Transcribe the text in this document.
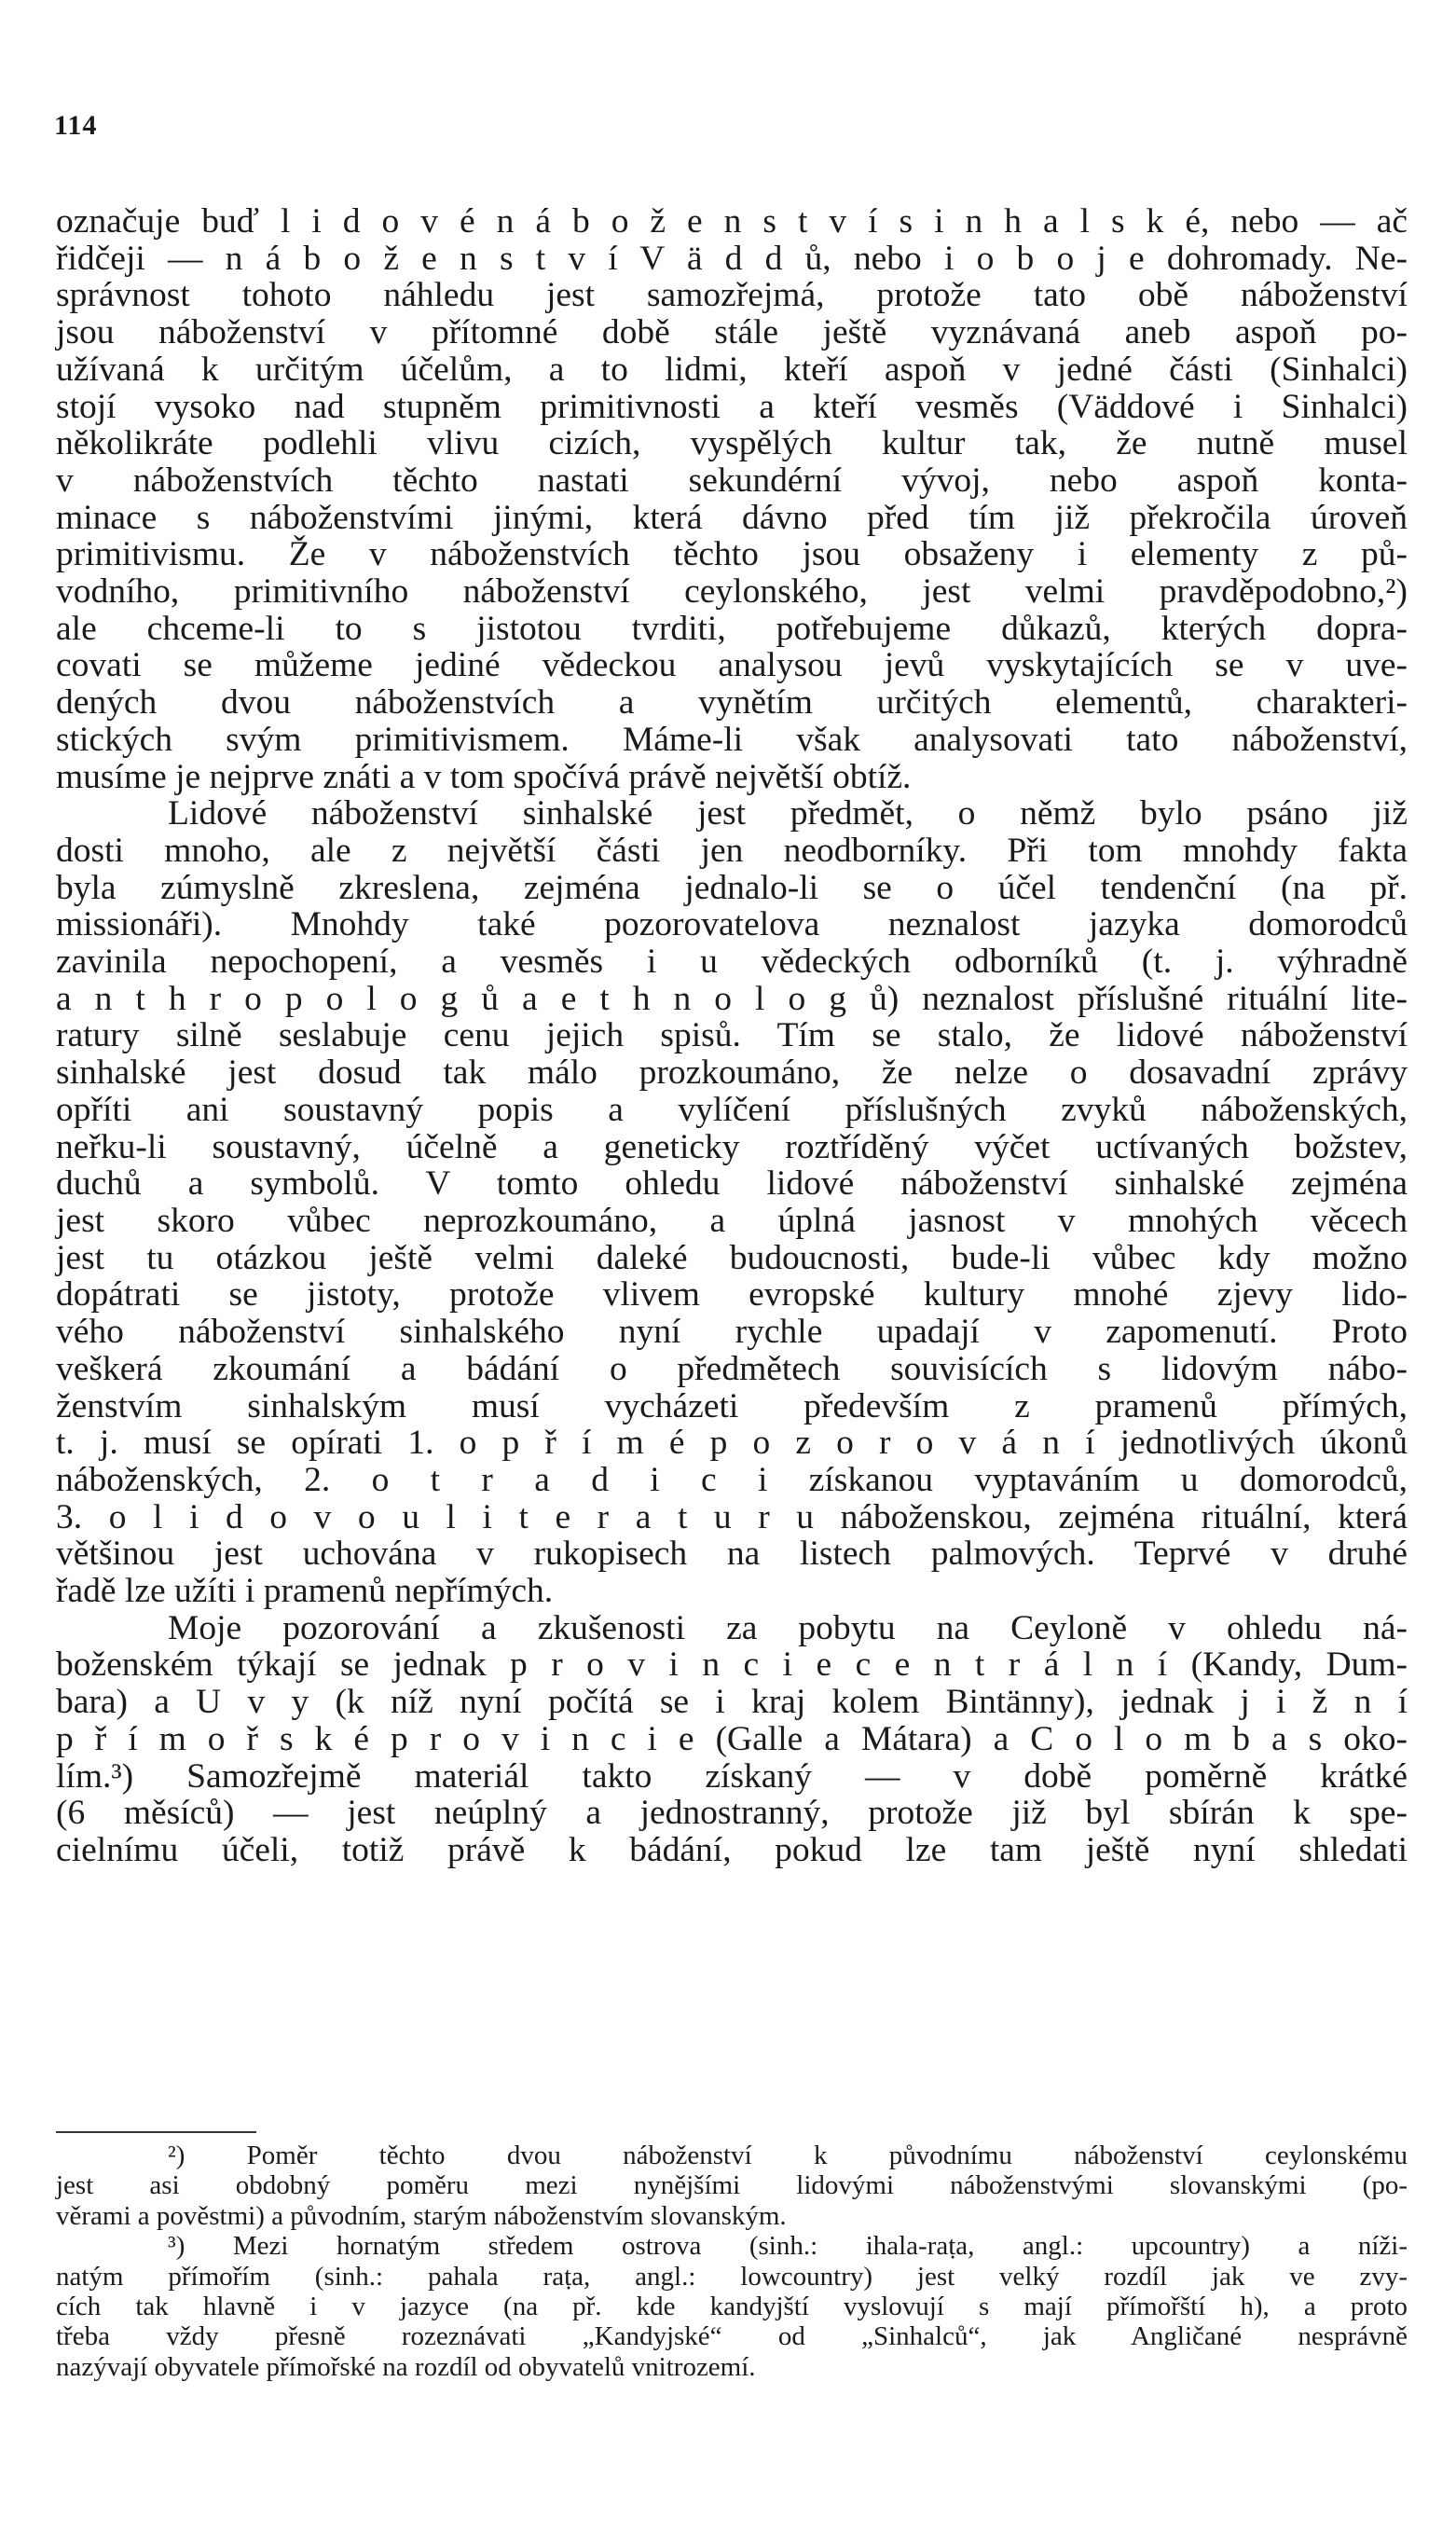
114
označuje buď l i d o v é n á b o ž e n s t v í s i n h a l s k é, nebo — ač
řidčeji — n á b o ž e n s t v í V ä d d ů, nebo i o b o j e dohromady. Ne-
správnost tohoto náhledu jest samozřejmá, protože tato obě náboženství
jsou náboženství v přítomné době stále ještě vyznávaná aneb aspoň po-
užívaná k určitým účelům, a to lidmi, kteří aspoň v jedné části (Sinhalci)
stojí vysoko nad stupněm primitivnosti a kteří vesměs (Väddové i Sinhalci)
několikráte podlehli vlivu cizích, vyspělých kultur tak, že nutně musel
v náboženstvích těchto nastati sekundérní vývoj, nebo aspoň konta-
minace s náboženstvími jinými, která dávno před tím již překročila úroveň
primitivismu. Že v náboženstvích těchto jsou obsaženy i elementy z pů-
vodního, primitivního náboženství ceylonského, jest velmi pravděpodobno,²)
ale chceme-li to s jistotou tvrditi, potřebujeme důkazů, kterých dopra-
covati se můžeme jediné vědeckou analysou jevů vyskytajících se v uve-
dených dvou náboženstvích a vynětím určitých elementů, charakteri-
stických svým primitivismem. Máme-li však analysovati tato náboženství,
musíme je nejprve znáti a v tom spočívá právě největší obtíž.
Lidové náboženství sinhalské jest předmět, o němž bylo psáno již
dosti mnoho, ale z největší části jen neodborníky. Při tom mnohdy fakta
byla zúmyslně zkreslena, zejména jednalo-li se o účel tendenční (na př.
missionáři). Mnohdy také pozorovatelova neznalost jazyka domorodců
zavinila nepochopení, a vesměs i u vědeckých odborníků (t. j. výhradně
a n t h r o p o l o g ů a e t h n o l o g ů) neznalost příslušné rituální lite-
ratury silně seslabuje cenu jejich spisů. Tím se stalo, že lidové náboženství
sinhalské jest dosud tak málo prozkoumáno, že nelze o dosavadní zprávy
opříti ani soustavný popis a vylíčení příslušných zvyků náboženských,
neřku-li soustavný, účelně a geneticky roztříděný výčet uctívaných božstev,
duchů a symbolů. V tomto ohledu lidové náboženství sinhalské zejména
jest skoro vůbec neprozkoumáno, a úplná jasnost v mnohých věcech
jest tu otázkou ještě velmi daleké budoucnosti, bude-li vůbec kdy možno
dopátrati se jistoty, protože vlivem evropské kultury mnohé zjevy lido-
vého náboženství sinhalského nyní rychle upadají v zapomenutí. Proto
veškerá zkoumání a bádání o předmětech souvisících s lidovým nábo-
ženstvím sinhalským musí vycházeti především z pramenů přímých,
t. j. musí se opírati 1. o p ř í m é p o z o r o v á n í jednotlivých úkonů
náboženských, 2. o t r a d i c i získanou vyptaváním u domorodců,
3. o l i d o v o u l i t e r a t u r u náboženskou, zejména rituální, která
většinou jest uchována v rukopisech na listech palmových. Teprvé v druhé
řadě lze užíti i pramenů nepřímých.
Moje pozorování a zkušenosti za pobytu na Ceyloně v ohledu ná-
boženském týkají se jednak p r o v i n c i e c e n t r á l n í (Kandy, Dum-
bara) a U v y (k níž nyní počítá se i kraj kolem Bintänny), jednak j i ž n í
p ř í m o ř s k é p r o v i n c i e (Galle a Mátara) a C o l o m b a s oko-
lím.³) Samozřejmě materiál takto získaný — v době poměrně krátké
(6 měsíců) — jest neúplný a jednostranný, protože již byl sbírán k spe-
cielnímu účeli, totiž právě k bádání, pokud lze tam ještě nyní shledati
²) Poměr těchto dvou náboženství k původnímu náboženství ceylonskému
jest asi obdobný poměru mezi nynějšími lidovými náboženstvými slovanskými (po-
věrami a pověstmi) a původním, starým náboženstvím slovanským.
³) Mezi hornatým středem ostrova (sinh.: ihala-raṭa, angl.: upcountry) a níži-
natým přímořím (sinh.: pahala raṭa, angl.: lowcountry) jest velký rozdíl jak ve zvy-
cích tak hlavně i v jazyce (na př. kde kandyjští vyslovují s mají přímořští h), a proto
třeba vždy přesně rozeznávati „Kandyjské“ od „Sinhalců“, jak Angličané nesprávně
nazývají obyvatele přímořské na rozdíl od obyvatelů vnitrozemí.
